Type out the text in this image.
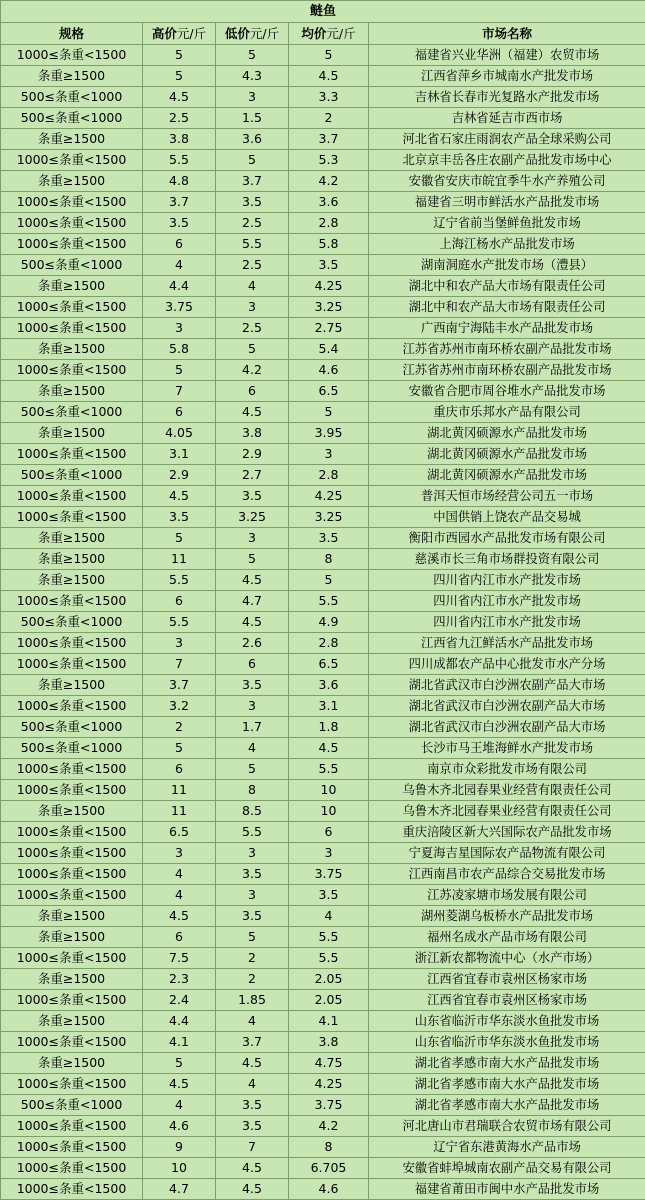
鲢鱼				
规格	高价元/斤	低价元/斤	均价元/斤	市场名称
1000≤条重<1500	5	5	5	福建省兴业华洲（福建）农贸市场
条重≥1500	5	4.3	4.5	江西省萍乡市城南水产批发市场
500≤条重<1000	4.5	3	3.3	吉林省长春市光复路水产批发市场
500≤条重<1000	2.5	1.5	2	吉林省延吉市西市场
条重≥1500	3.8	3.6	3.7	河北省石家庄雨润农产品全球采购公司
1000≤条重<1500	5.5	5	5.3	北京京丰岳各庄农副产品批发市场中心
条重≥1500	4.8	3.7	4.2	安徽省安庆市皖宜季牛水产养殖公司
1000≤条重<1500	3.7	3.5	3.6	福建省三明市鲜活水产品批发市场
1000≤条重<1500	3.5	2.5	2.8	辽宁省前当堡鲜鱼批发市场
1000≤条重<1500	6	5.5	5.8	上海江杨水产品批发市场
500≤条重<1000	4	2.5	3.5	湖南洞庭水产批发市场（澧县）
条重≥1500	4.4	4	4.25	湖北中和农产品大市场有限责任公司
1000≤条重<1500	3.75	3	3.25	湖北中和农产品大市场有限责任公司
1000≤条重<1500	3	2.5	2.75	广西南宁海陆丰水产品批发市场
条重≥1500	5.8	5	5.4	江苏省苏州市南环桥农副产品批发市场
1000≤条重<1500	5	4.2	4.6	江苏省苏州市南环桥农副产品批发市场
条重≥1500	7	6	6.5	安徽省合肥市周谷堆水产品批发市场
500≤条重<1000	6	4.5	5	重庆市乐邦水产品有限公司
条重≥1500	4.05	3.8	3.95	湖北黄冈硕源水产品批发市场
1000≤条重<1500	3.1	2.9	3	湖北黄冈硕源水产品批发市场
500≤条重<1000	2.9	2.7	2.8	湖北黄冈硕源水产品批发市场
1000≤条重<1500	4.5	3.5	4.25	普洱天恒市场经营公司五一市场
1000≤条重<1500	3.5	3.25	3.25	中国供销上饶农产品交易城
条重≥1500	5	3	3.5	衡阳市西园水产品批发市场有限公司
条重≥1500	11	5	8	慈溪市长三角市场群投资有限公司
条重≥1500	5.5	4.5	5	四川省内江市水产批发市场
1000≤条重<1500	6	4.7	5.5	四川省内江市水产批发市场
500≤条重<1000	5.5	4.5	4.9	四川省内江市水产批发市场
1000≤条重<1500	3	2.6	2.8	江西省九江鲜活水产品批发市场
1000≤条重<1500	7	6	6.5	四川成都农产品中心批发市水产分场
条重≥1500	3.7	3.5	3.6	湖北省武汉市白沙洲农副产品大市场
1000≤条重<1500	3.2	3	3.1	湖北省武汉市白沙洲农副产品大市场
500≤条重<1000	2	1.7	1.8	湖北省武汉市白沙洲农副产品大市场
500≤条重<1000	5	4	4.5	长沙市马王堆海鲜水产批发市场
1000≤条重<1500	6	5	5.5	南京市众彩批发市场有限公司
1000≤条重<1500	11	8	10	乌鲁木齐北园春果业经营有限责任公司
条重≥1500	11	8.5	10	乌鲁木齐北园春果业经营有限责任公司
1000≤条重<1500	6.5	5.5	6	重庆涪陵区新大兴国际农产品批发市场
1000≤条重<1500	3	3	3	宁夏海吉星国际农产品物流有限公司
1000≤条重<1500	4	3.5	3.75	江西南昌市农产品综合交易批发市场
1000≤条重<1500	4	3	3.5	江苏凌家塘市场发展有限公司
条重≥1500	4.5	3.5	4	湖州菱湖乌板桥水产品批发市场
条重≥1500	6	5	5.5	福州名成水产品市场有限公司
1000≤条重<1500	7.5	2	5.5	浙江新农都物流中心（水产市场）
条重≥1500	2.3	2	2.05	江西省宜春市袁州区杨家市场
1000≤条重<1500	2.4	1.85	2.05	江西省宜春市袁州区杨家市场
条重≥1500	4.4	4	4.1	山东省临沂市华东淡水鱼批发市场
1000≤条重<1500	4.1	3.7	3.8	山东省临沂市华东淡水鱼批发市场
条重≥1500	5	4.5	4.75	湖北省孝感市南大水产品批发市场
1000≤条重<1500	4.5	4	4.25	湖北省孝感市南大水产品批发市场
500≤条重<1000	4	3.5	3.75	湖北省孝感市南大水产品批发市场
1000≤条重<1500	4.6	3.5	4.2	河北唐山市君瑞联合农贸市场有限公司
1000≤条重<1500	9	7	8	辽宁省东港黄海水产品市场
1000≤条重<1500	10	4.5	6.705	安徽省蚌埠城南农副产品交易有限公司
1000≤条重<1500	4.7	4.5	4.6	福建省莆田市闽中水产品批发市场
